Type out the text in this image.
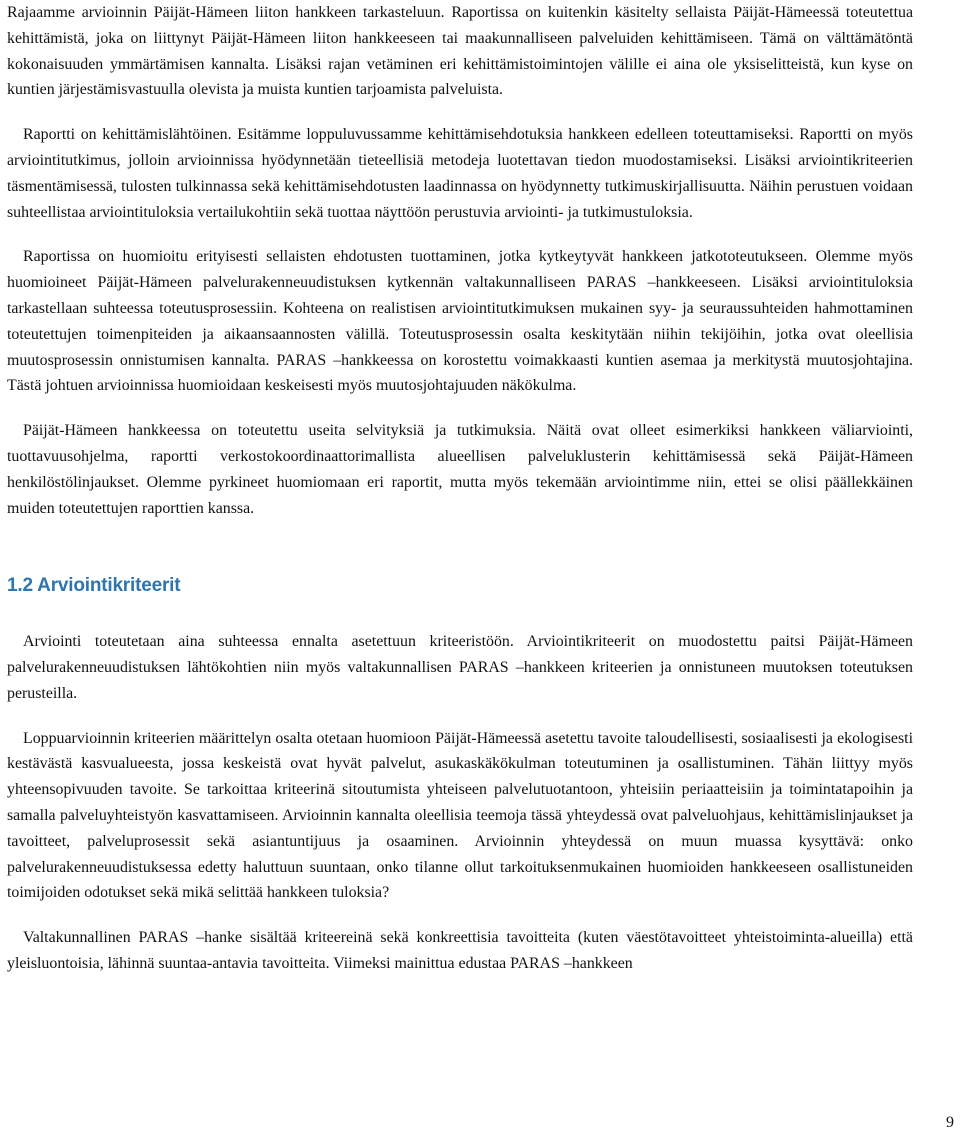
Rajaamme arvioinnin Päijät-Hämeen liiton hankkeen tarkasteluun. Raportissa on kuitenkin käsitelty sellaista Päijät-Hämeessä toteutettua kehittämistä, joka on liittynyt Päijät-Hämeen liiton hankkeeseen tai maakunnalliseen palveluiden kehittämiseen. Tämä on välttämätöntä kokonaisuuden ymmärtämisen kannalta. Lisäksi rajan vetäminen eri kehittämistoimintojen välille ei aina ole yksiselitteistä, kun kyse on kuntien järjestämisvastuulla olevista ja muista kuntien tarjoamista palveluista.

Raportti on kehittämislähtöinen. Esitämme loppuluvussamme kehittämisehdotuksia hankkeen edelleen toteuttamiseksi. Raportti on myös arviointitutkimus, jolloin arvioinnissa hyödynnetään tieteellisiä metodeja luotettavan tiedon muodostamiseksi. Lisäksi arviointikriteerien täsmentämisessä, tulosten tulkinnassa sekä kehittämisehdotusten laadinnassa on hyödynnetty tutkimuskirjallisuutta. Näihin perustuen voidaan suhteellistaa arviointituloksia vertailukohtiin sekä tuottaa näyttöön perustuvia arviointi- ja tutkimustuloksia.

Raportissa on huomioitu erityisesti sellaisten ehdotusten tuottaminen, jotka kytkeytyvät hankkeen jatkototeutukseen. Olemme myös huomioineet Päijät-Hämeen palvelurakenneuudistuksen kytkennän valtakunnalliseen PARAS –hankkeeseen. Lisäksi arviointituloksia tarkastellaan suhteessa toteutusprosessiin. Kohteena on realistisen arviointitutkimuksen mukainen syy- ja seuraussuhteiden hahmottaminen toteutettujen toimenpiteiden ja aikaansaannosten välillä. Toteutusprosessin osalta keskitytään niihin tekijöihin, jotka ovat oleellisia muutosprosessin onnistumisen kannalta. PARAS –hankkeessa on korostettu voimakkaasti kuntien asemaa ja merkitystä muutosjohtajina. Tästä johtuen arvioinnissa huomioidaan keskeisesti myös muutosjohtajuuden näkökulma.

Päijät-Hämeen hankkeessa on toteutettu useita selvityksiä ja tutkimuksia. Näitä ovat olleet esimerkiksi hankkeen väliarviointi, tuottavuusohjelma, raportti verkostokoordinaattorimallista alueellisen palveluklusterin kehittämisessä sekä Päijät-Hämeen henkilöstölinjaukset. Olemme pyrkineet huomiomaan eri raportit, mutta myös tekemään arviointimme niin, ettei se olisi päällekkäinen muiden toteutettujen raporttien kanssa.

1.2 Arviointikriteerit

Arviointi toteutetaan aina suhteessa ennalta asetettuun kriteeristöön. Arviointikriteerit on muodostettu paitsi Päijät-Hämeen palvelurakenneuudistuksen lähtökohtien niin myös valtakunnallisen PARAS –hankkeen kriteerien ja onnistuneen muutoksen toteutuksen perusteilla.

Loppuarvioinnin kriteerien määrittelyn osalta otetaan huomioon Päijät-Hämeessä asetettu tavoite taloudellisesti, sosiaalisesti ja ekologisesti kestävästä kasvualueesta, jossa keskeistä ovat hyvät palvelut, asukaskäkökulman toteutuminen ja osallistuminen. Tähän liittyy myös yhteensopivuuden tavoite. Se tarkoittaa kriteerinä sitoutumista yhteiseen palvelutuotantoon, yhteisiin periaatteisiin ja toimintatapoihin ja samalla palveluyhteistyön kasvattamiseen. Arvioinnin kannalta oleellisia teemoja tässä yhteydessä ovat palveluohjaus, kehittämislinjaukset ja tavoitteet, palveluprosessit sekä asiantuntijuus ja osaaminen. Arvioinnin yhteydessä on muun muassa kysyttävä: onko palvelurakenneuudistuksessa edetty haluttuun suuntaan, onko tilanne ollut tarkoituksenmukainen huomioiden hankkeeseen osallistuneiden toimijoiden odotukset sekä mikä selittää hankkeen tuloksia?

Valtakunnallinen PARAS –hanke sisältää kriteereinä sekä konkreettisia tavoitteita (kuten väestötavoitteet yhteistoiminta-alueilla) että yleisluontoisia, lähinnä suuntaa-antavia tavoitteita. Viimeksi mainittua edustaa PARAS –hankkeen

9
